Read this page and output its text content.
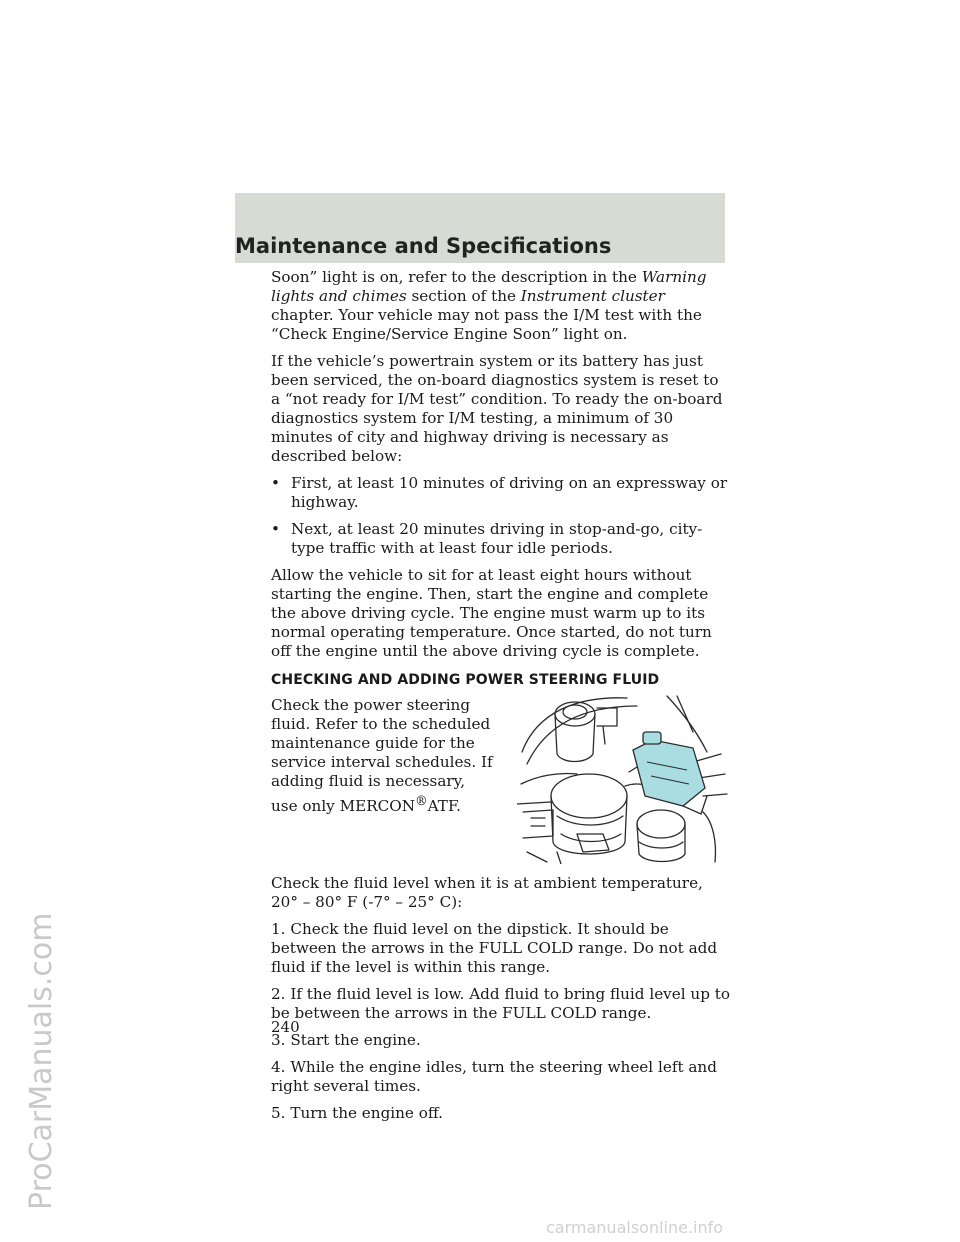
Maintenance and Specifications
ProCarManuals.com

Soon” light is on, refer to the description in the Warning lights and chimes section of the Instrument cluster chapter. Your vehicle may not pass the I/M test with the “Check Engine/Service Engine Soon” light on.

If the vehicle’s powertrain system or its battery has just been serviced, the on-board diagnostics system is reset to a “not ready for I/M test” condition. To ready the on-board diagnostics system for I/M testing, a minimum of 30 minutes of city and highway driving is necessary as described below:

• First, at least 10 minutes of driving on an expressway or highway.
• Next, at least 20 minutes driving in stop-and-go, city-type traffic with at least four idle periods.

Allow the vehicle to sit for at least eight hours without starting the engine. Then, start the engine and complete the above driving cycle. The engine must warm up to its normal operating temperature. Once started, do not turn off the engine until the above driving cycle is complete.

CHECKING AND ADDING POWER STEERING FLUID

Check the power steering fluid. Refer to the scheduled maintenance guide for the service interval schedules. If adding fluid is necessary, use only MERCON®ATF.

Check the fluid level when it is at ambient temperature, 20° – 80° F (-7° – 25° C):

1. Check the fluid level on the dipstick. It should be between the arrows in the FULL COLD range. Do not add fluid if the level is within this range.

2. If the fluid level is low. Add fluid to bring fluid level up to be between the arrows in the FULL COLD range.

3. Start the engine.

4. While the engine idles, turn the steering wheel left and right several times.

5. Turn the engine off.

240
carmanualsonline.info
